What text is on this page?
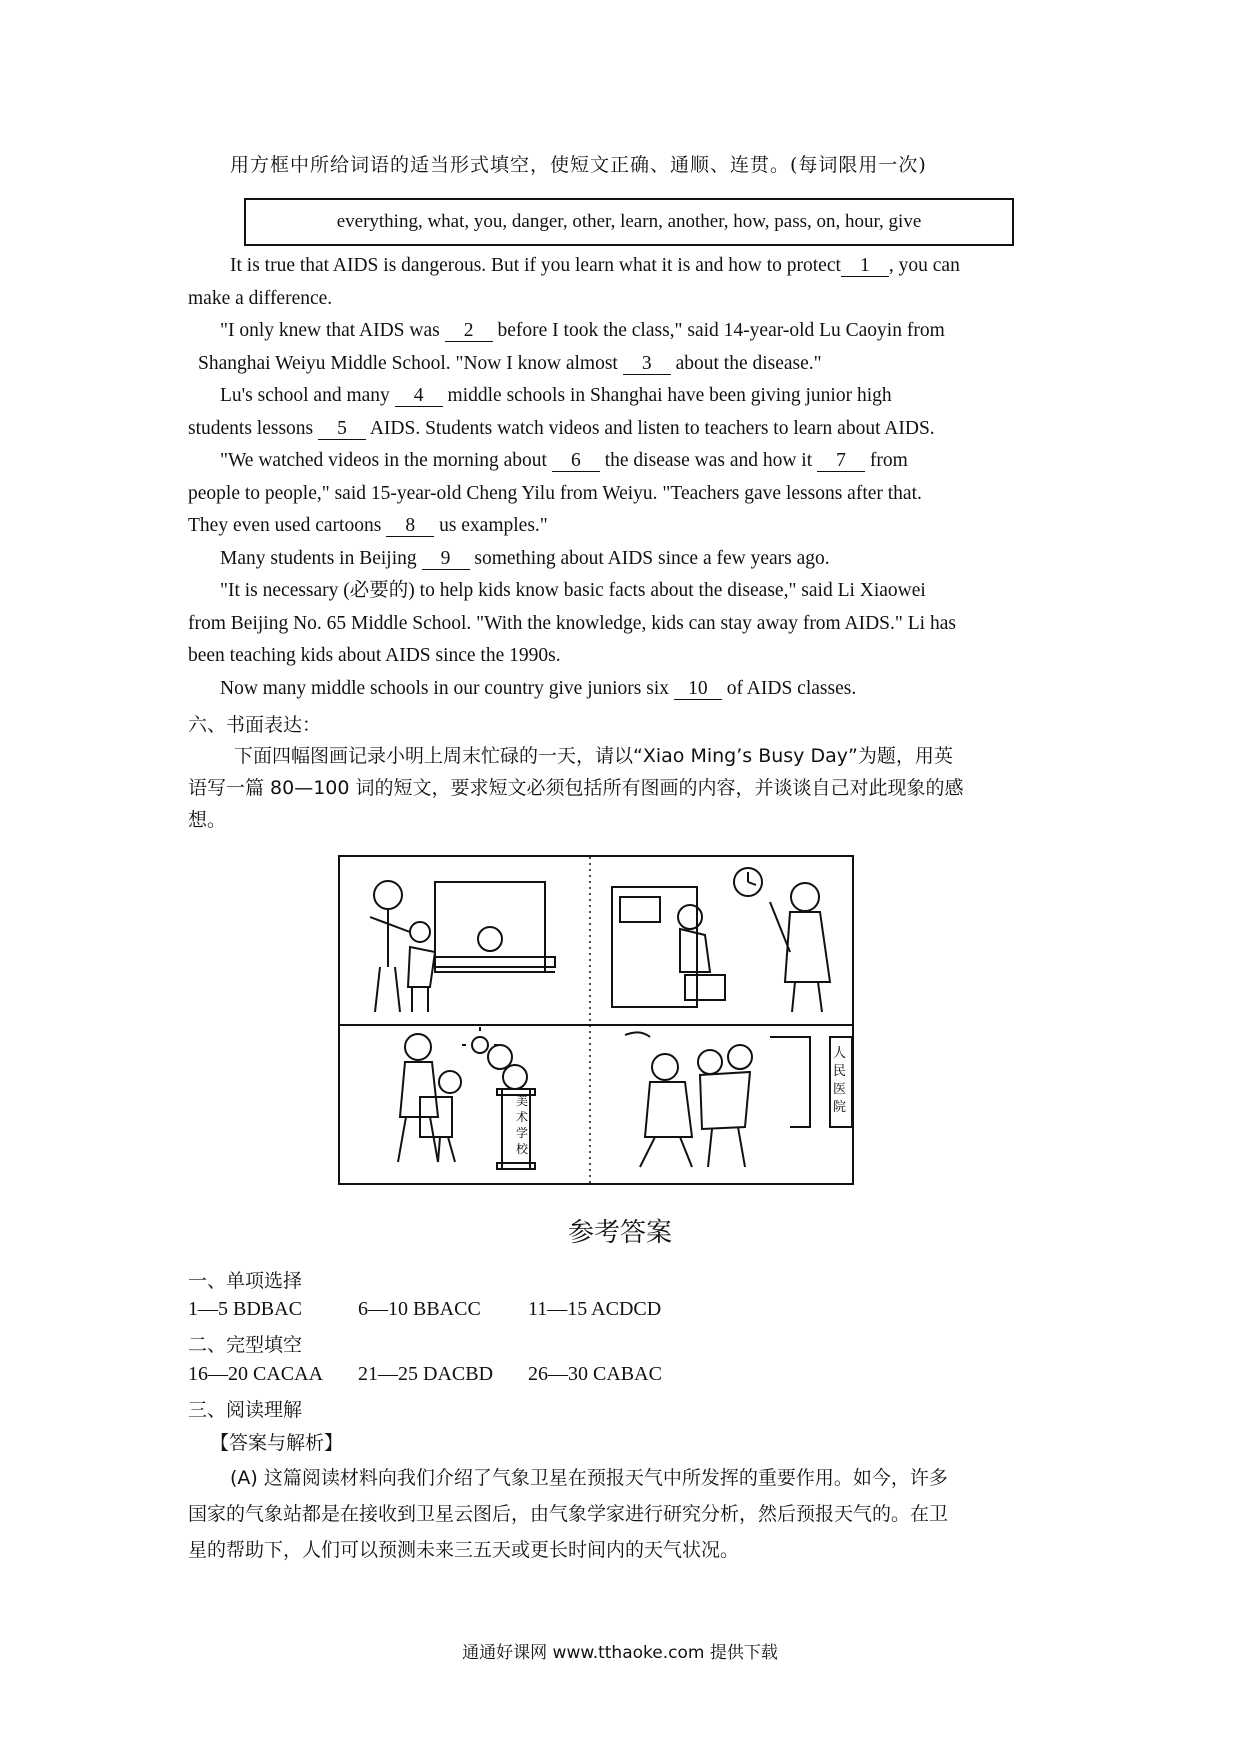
用方框中所给词语的适当形式填空，使短文正确、通顺、连贯。(每词限用一次)
everything, what, you, danger, other, learn, another, how, pass, on, hour, give
It is true that AIDS is dangerous. But if you learn what it is and how to protect 1 , you can
make a difference.
"I only knew that AIDS was 2 before I took the class," said 14-year-old Lu Caoyin from
Shanghai Weiyu Middle School. "Now I know almost 3 about the disease."
Lu's school and many 4 middle schools in Shanghai have been giving junior high
students lessons 5 AIDS. Students watch videos and listen to teachers to learn about AIDS.
"We watched videos in the morning about 6 the disease was and how it 7 from
people to people," said 15-year-old Cheng Yilu from Weiyu. "Teachers gave lessons after that.
They even used cartoons 8 us examples."
Many students in Beijing 9 something about AIDS since a few years ago.
"It is necessary (必要的) to help kids know basic facts about the disease," said Li Xiaowei
from Beijing No. 65 Middle School. "With the knowledge, kids can stay away from AIDS." Li has
been teaching kids about AIDS since the 1990s.
Now many middle schools in our country give juniors six 10 of AIDS classes.
六、书面表达：
下面四幅图画记录小明上周末忙碌的一天，请以“Xiao Ming’s Busy Day”为题，用英
语写一篇 80—100 词的短文，要求短文必须包括所有图画的内容，并谈谈自己对此现象的感
想。
美
术
学
校
人
民
医
院
参考答案
一、单项选择
1—5 BDBAC	6—10 BBACC 11—15 ACDCD
二、完型填空
16—20 CACAA 21—25 DACBD 26—30 CABAC
三、阅读理解
【答案与解析】
(A) 这篇阅读材料向我们介绍了气象卫星在预报天气中所发挥的重要作用。如今，许多
国家的气象站都是在接收到卫星云图后，由气象学家进行研究分析，然后预报天气的。在卫
星的帮助下，人们可以预测未来三五天或更长时间内的天气状况。
通通好课网 www.tthaoke.com 提供下载
